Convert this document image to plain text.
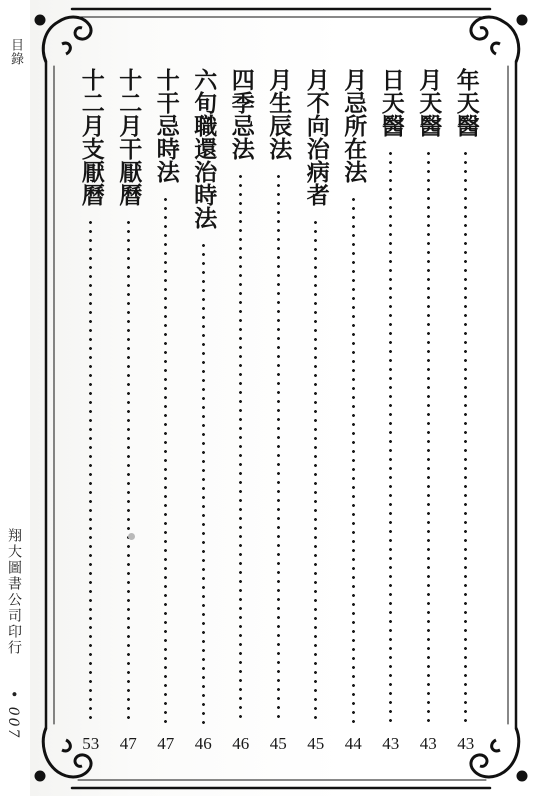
目錄
翔大圖書公司印行
• 007
年天醫
43
月天醫
43
日天醫
43
月忌所在法
44
月不向治病者
45
月生辰法
45
四季忌法
46
六旬職還治時法
46
十干忌時法
47
十二月干厭曆
47
十二月支厭曆
53
